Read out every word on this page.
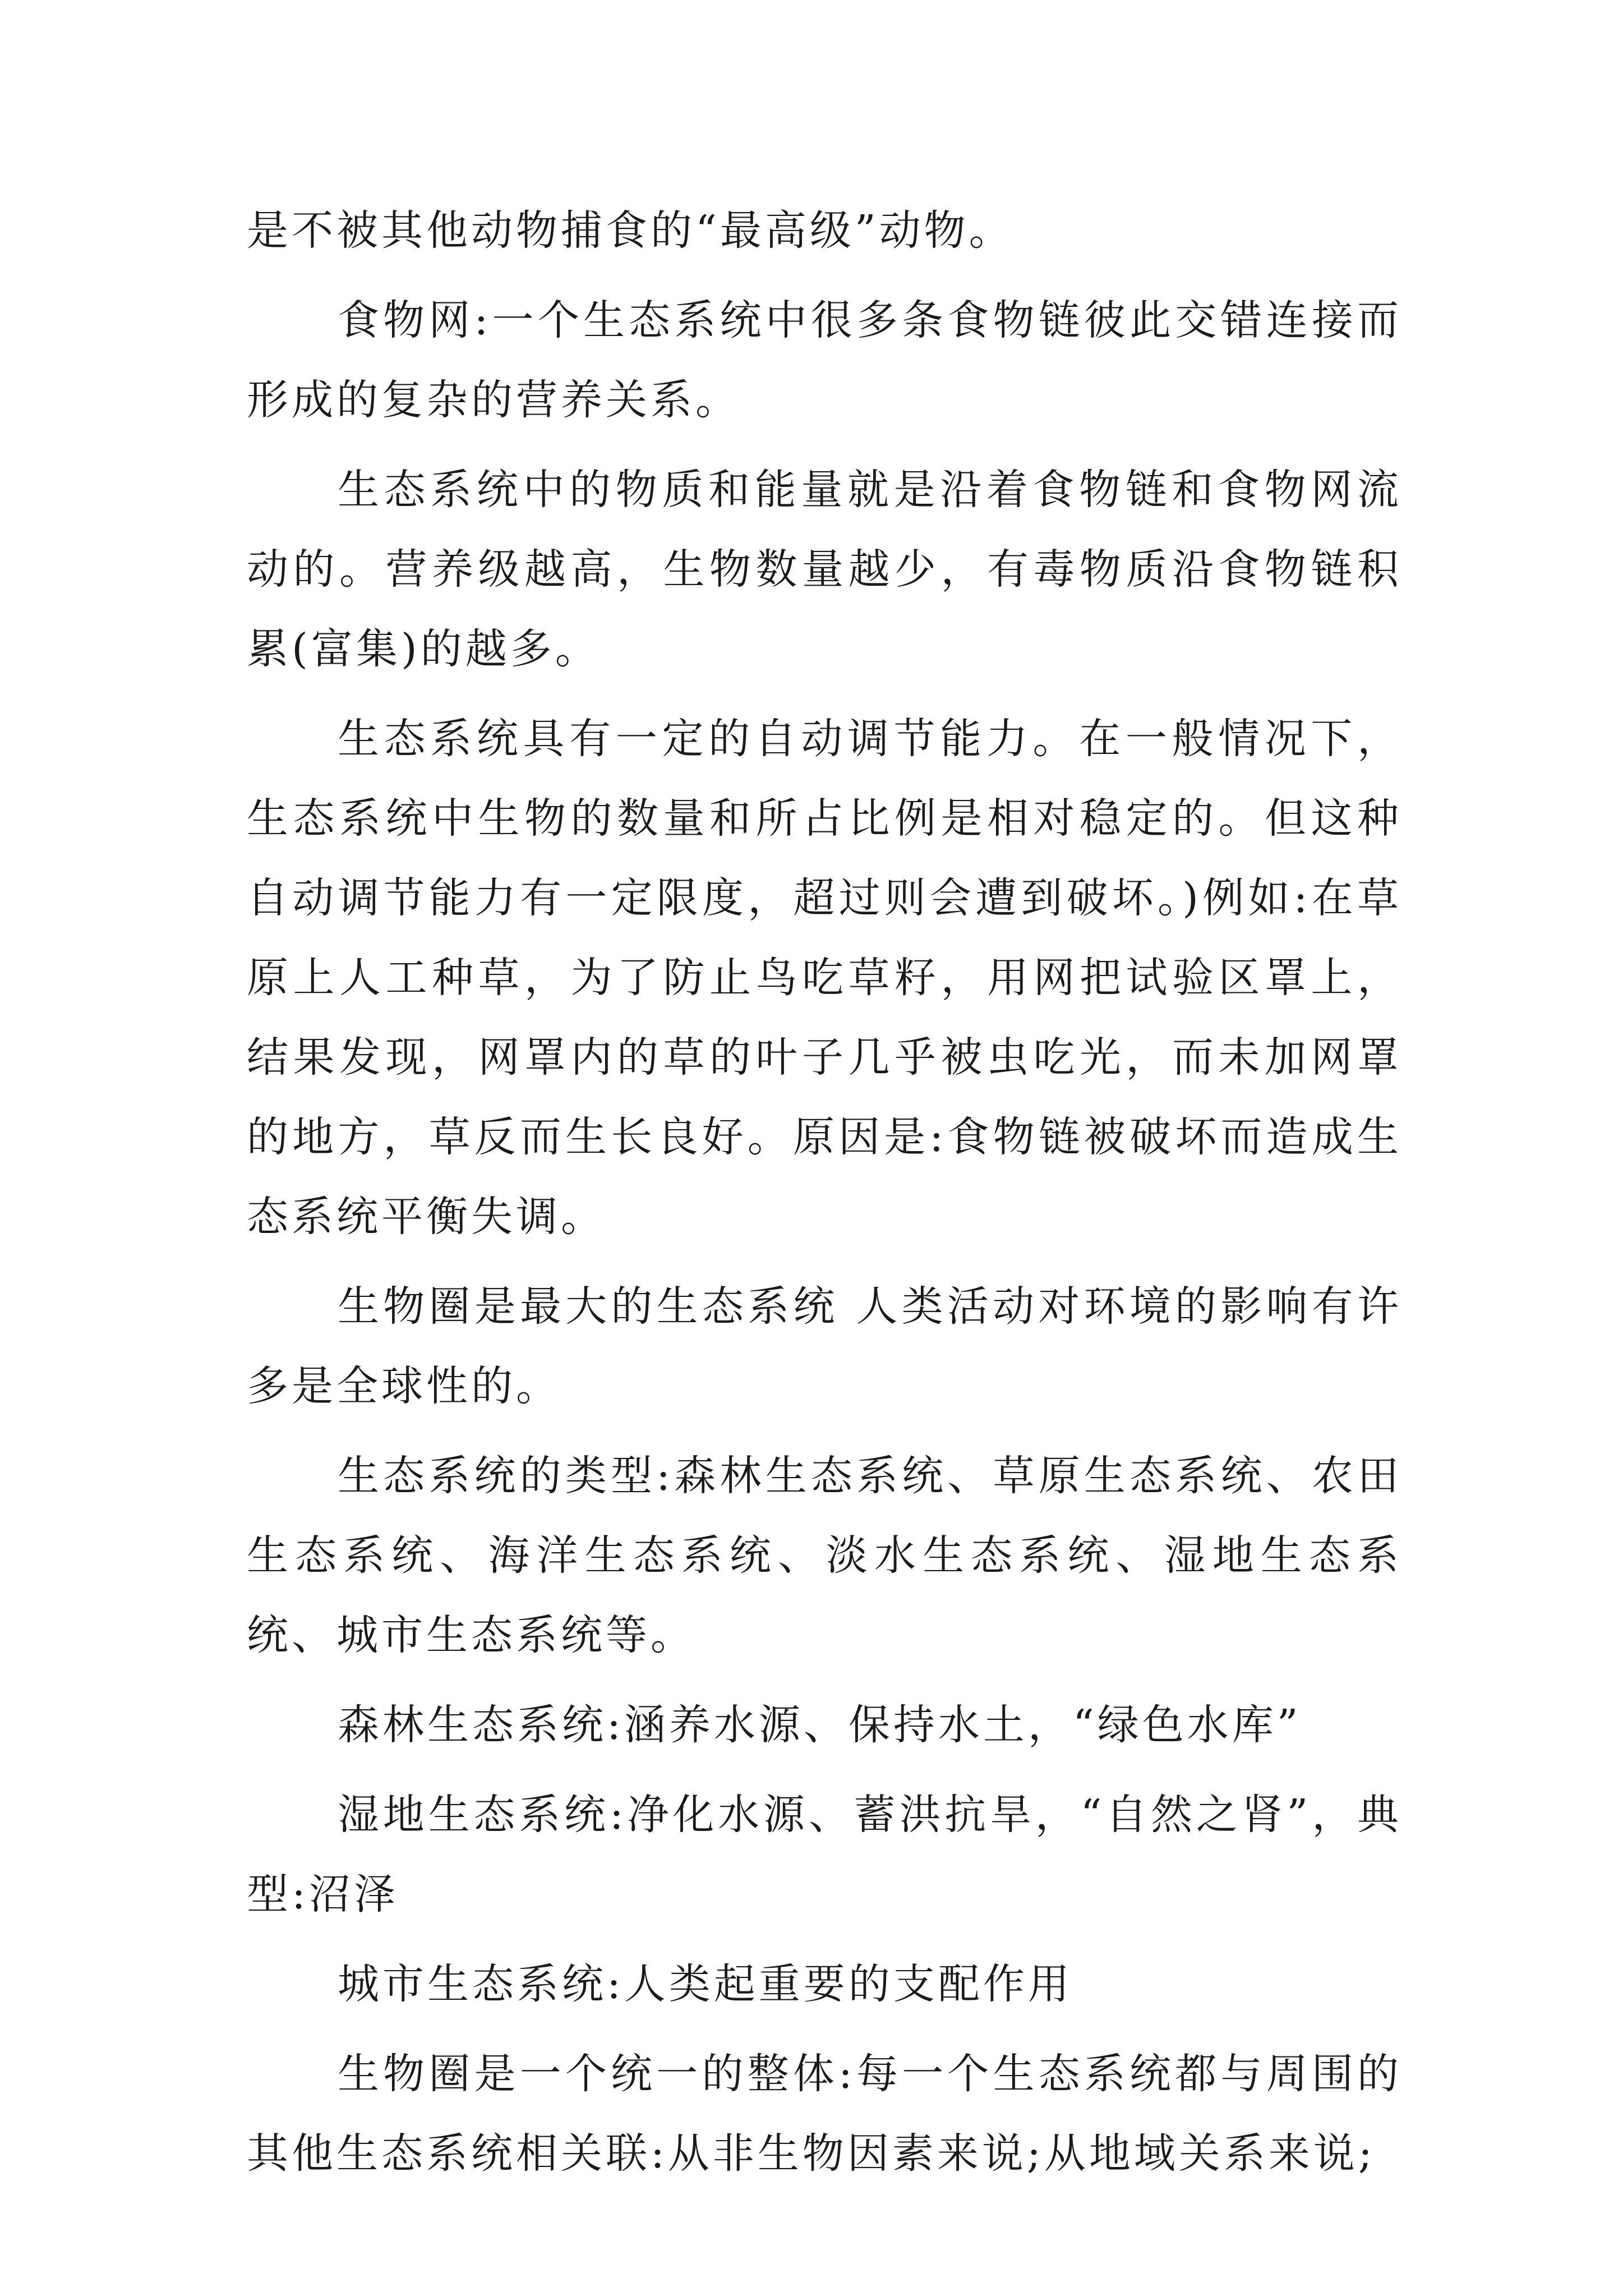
是不被其他动物捕食的“最高级”动物。

食物网:一个生态系统中很多条食物链彼此交错连接而形成的复杂的营养关系。

生态系统中的物质和能量就是沿着食物链和食物网流动的。营养级越高，生物数量越少，有毒物质沿食物链积累(富集)的越多。

生态系统具有一定的自动调节能力。在一般情况下，生态系统中生物的数量和所占比例是相对稳定的。但这种自动调节能力有一定限度，超过则会遭到破坏。)例如:在草原上人工种草，为了防止鸟吃草籽，用网把试验区罩上，结果发现，网罩内的草的叶子几乎被虫吃光，而未加网罩的地方，草反而生长良好。原因是:食物链被破坏而造成生态系统平衡失调。

生物圈是最大的生态系统 人类活动对环境的影响有许多是全球性的。

生态系统的类型:森林生态系统、草原生态系统、农田生态系统、海洋生态系统、淡水生态系统、湿地生态系统、城市生态系统等。

森林生态系统:涵养水源、保持水土，“绿色水库”

湿地生态系统:净化水源、蓄洪抗旱，“自然之肾”，典型:沼泽

城市生态系统:人类起重要的支配作用

生物圈是一个统一的整体:每一个生态系统都与周围的其他生态系统相关联:从非生物因素来说;从地域关系来说;
